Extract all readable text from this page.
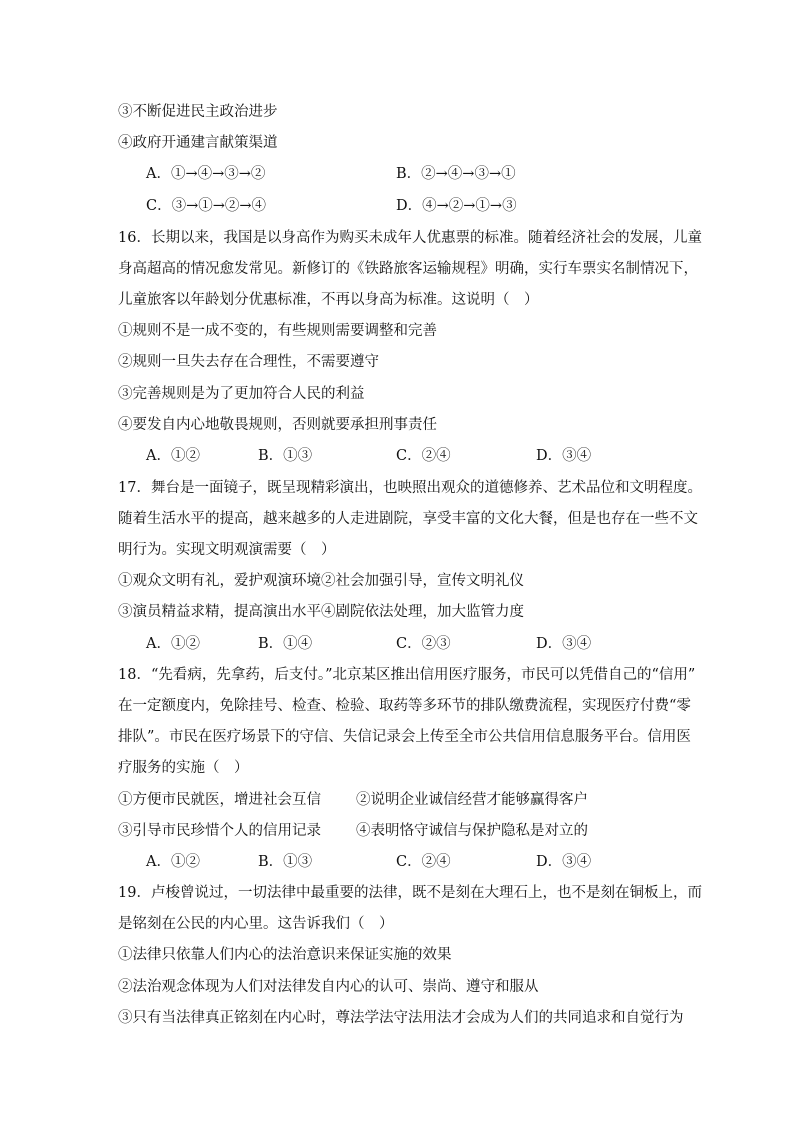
③不断促进民主政治进步
④政府开通建言献策渠道
A．①→④→③→②	B．②→④→③→①
C．③→①→②→④	D．④→②→①→③
16．长期以来，我国是以身高作为购买未成年人优惠票的标准。随着经济社会的发展，儿童
身高超高的情况愈发常见。新修订的《铁路旅客运输规程》明确，实行车票实名制情况下，
儿童旅客以年龄划分优惠标准，不再以身高为标准。这说明（　）
①规则不是一成不变的，有些规则需要调整和完善
②规则一旦失去存在合理性，不需要遵守
③完善规则是为了更加符合人民的利益
④要发自内心地敬畏规则，否则就要承担刑事责任
A．①②	B．①③	C．②④	D．③④
17．舞台是一面镜子，既呈现精彩演出，也映照出观众的道德修养、艺术品位和文明程度。
随着生活水平的提高，越来越多的人走进剧院，享受丰富的文化大餐，但是也存在一些不文
明行为。实现文明观演需要（　）
①观众文明有礼，爱护观演环境②社会加强引导，宣传文明礼仪
③演员精益求精，提高演出水平④剧院依法处理，加大监管力度
A．①②	B．①④	C．②③	D．③④
18．“先看病，先拿药，后支付。”北京某区推出信用医疗服务，市民可以凭借自己的“信用”
在一定额度内，免除挂号、检查、检验、取药等多环节的排队缴费流程，实现医疗付费“零
排队”。市民在医疗场景下的守信、失信记录会上传至全市公共信用信息服务平台。信用医
疗服务的实施（　）
①方便市民就医，增进社会互信 ②说明企业诚信经营才能够赢得客户
③引导市民珍惜个人的信用记录 ④表明恪守诚信与保护隐私是对立的
A．①②	B．①③	C．②④	D．③④
19．卢梭曾说过，一切法律中最重要的法律，既不是刻在大理石上，也不是刻在铜板上，而
是铭刻在公民的内心里。这告诉我们（　）
①法律只依靠人们内心的法治意识来保证实施的效果
②法治观念体现为人们对法律发自内心的认可、崇尚、遵守和服从
③只有当法律真正铭刻在内心时，尊法学法守法用法才会成为人们的共同追求和自觉行为
